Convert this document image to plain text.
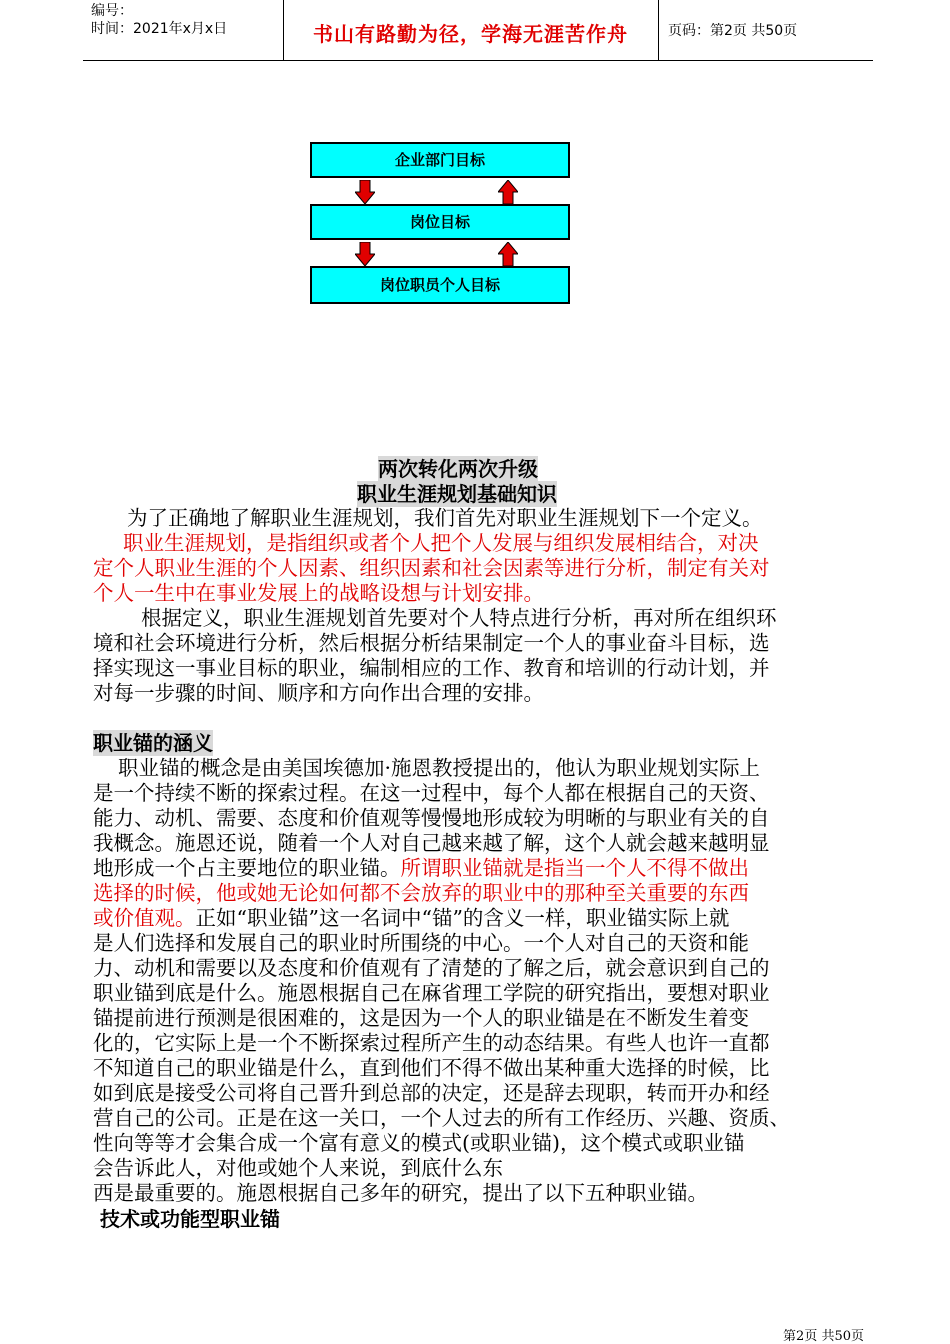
编号：
时间：2021年x月x日	书山有路勤为径，学海无涯苦作舟	页码：第2页 共50页
企业部门目标
岗位目标
岗位职员个人目标
两次转化两次升级
职业生涯规划基础知识
为了正确地了解职业生涯规划，我们首先对职业生涯规划下一个定义。
职业生涯规划，是指组织或者个人把个人发展与组织发展相结合，对决
定个人职业生涯的个人因素、组织因素和社会因素等进行分析，制定有关对
个人一生中在事业发展上的战略设想与计划安排。
根据定义，职业生涯规划首先要对个人特点进行分析，再对所在组织环
境和社会环境进行分析，然后根据分析结果制定一个人的事业奋斗目标，选
择实现这一事业目标的职业，编制相应的工作、教育和培训的行动计划，并
对每一步骤的时间、顺序和方向作出合理的安排。
职业锚的涵义
职业锚的概念是由美国埃德加·施恩教授提出的，他认为职业规划实际上
是一个持续不断的探索过程。在这一过程中，每个人都在根据自己的天资、
能力、动机、需要、态度和价值观等慢慢地形成较为明晰的与职业有关的自
我概念。施恩还说，随着一个人对自己越来越了解，这个人就会越来越明显
地形成一个占主要地位的职业锚。所谓职业锚就是指当一个人不得不做出
选择的时候，他或她无论如何都不会放弃的职业中的那种至关重要的东西
或价值观。正如“职业锚”这一名词中“锚”的含义一样，职业锚实际上就
是人们选择和发展自己的职业时所围绕的中心。一个人对自己的天资和能
力、动机和需要以及态度和价值观有了清楚的了解之后，就会意识到自己的
职业锚到底是什么。施恩根据自己在麻省理工学院的研究指出，要想对职业
锚提前进行预测是很困难的，这是因为一个人的职业锚是在不断发生着变
化的，它实际上是一个不断探索过程所产生的动态结果。有些人也许一直都
不知道自己的职业锚是什么，直到他们不得不做出某种重大选择的时候，比
如到底是接受公司将自己晋升到总部的决定，还是辞去现职，转而开办和经
营自己的公司。正是在这一关口，一个人过去的所有工作经历、兴趣、资质、
性向等等才会集合成一个富有意义的模式(或职业锚)，这个模式或职业锚
会告诉此人，对他或她个人来说，到底什么东
西是最重要的。施恩根据自己多年的研究，提出了以下五种职业锚。
技术或功能型职业锚
第2页 共50页
